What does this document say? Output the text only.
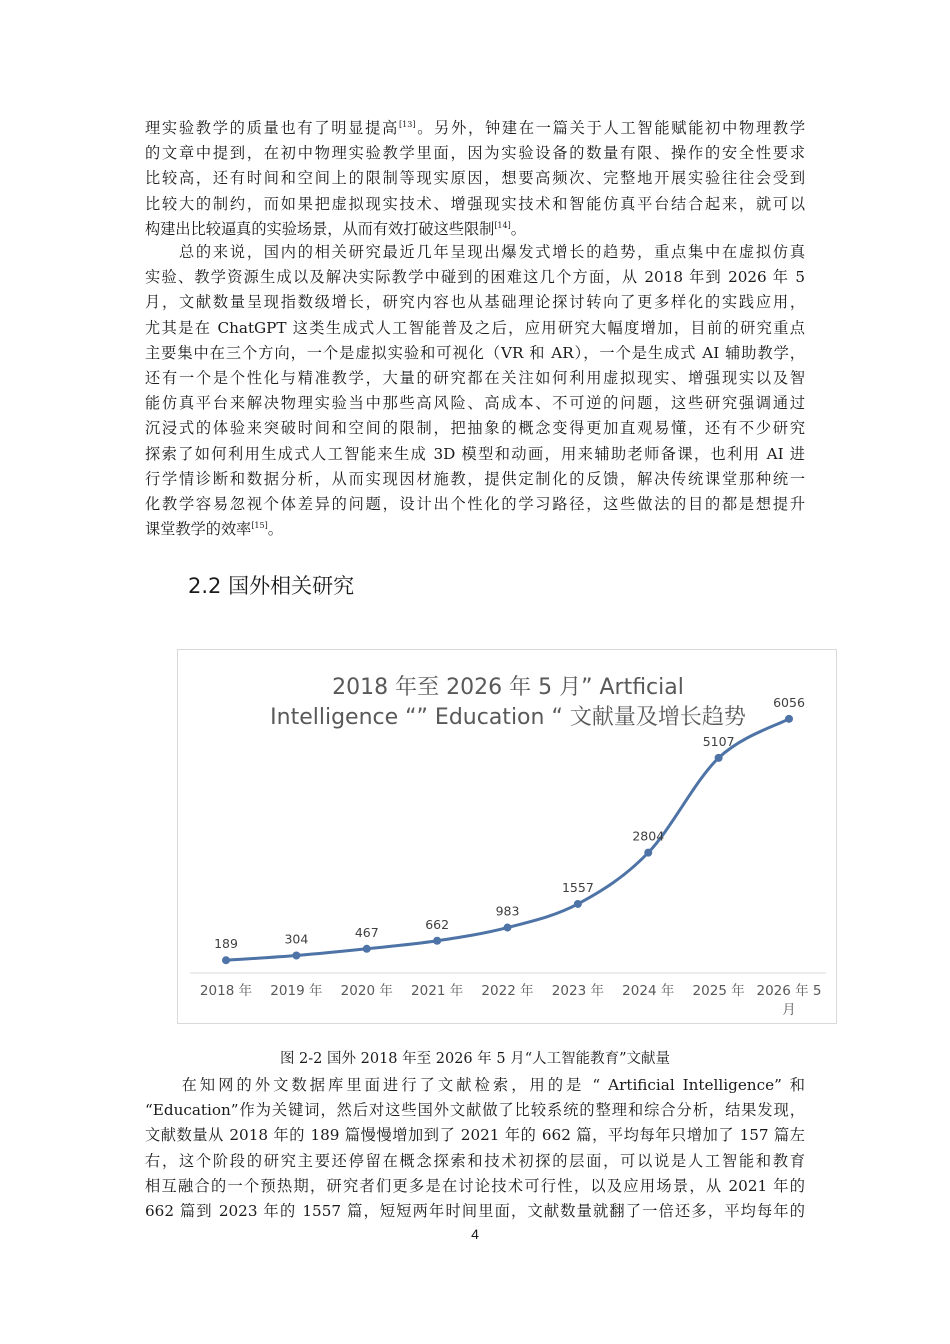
理实验教学的质量也有了明显提高[13]。另外，钟建在一篇关于人工智能赋能初中物理教学
的文章中提到，在初中物理实验教学里面，因为实验设备的数量有限、操作的安全性要求
比较高，还有时间和空间上的限制等现实原因，想要高频次、完整地开展实验往往会受到
比较大的制约，而如果把虚拟现实技术、增强现实技术和智能仿真平台结合起来，就可以
构建出比较逼真的实验场景，从而有效打破这些限制[14]。
　　总的来说，国内的相关研究最近几年呈现出爆发式增长的趋势，重点集中在虚拟仿真
实验、教学资源生成以及解决实际教学中碰到的困难这几个方面，从 2018 年到 2026 年 5
月，文献数量呈现指数级增长，研究内容也从基础理论探讨转向了更多样化的实践应用，
尤其是在 ChatGPT 这类生成式人工智能普及之后，应用研究大幅度增加，目前的研究重点
主要集中在三个方向，一个是虚拟实验和可视化（VR 和 AR），一个是生成式 AI 辅助教学，
还有一个是个性化与精准教学，大量的研究都在关注如何利用虚拟现实、增强现实以及智
能仿真平台来解决物理实验当中那些高风险、高成本、不可逆的问题，这些研究强调通过
沉浸式的体验来突破时间和空间的限制，把抽象的概念变得更加直观易懂，还有不少研究
探索了如何利用生成式人工智能来生成 3D 模型和动画，用来辅助老师备课，也利用 AI 进
行学情诊断和数据分析，从而实现因材施教，提供定制化的反馈，解决传统课堂那种统一
化教学容易忽视个体差异的问题，设计出个性化的学习路径，这些做法的目的都是想提升
课堂教学的效率[15]。
2.2 国外相关研究
2018 年至 2026 年 5 月” Artficial
Intelligence “” Education “ 文献量及增长趋势
189
2018 年
304
2019 年
467
2020 年
662
2021 年
983
2022 年
1557
2023 年
2804
2024 年
5107
2025 年
6056
2026 年 5
月

图 2-2 国外 2018 年至 2026 年 5 月“人工智能教育”文献量

　　在知网的外文数据库里面进行了文献检索，用的是 “ Artificial Intelligence” 和
“Education”作为关键词，然后对这些国外文献做了比较系统的整理和综合分析，结果发现，
文献数量从 2018 年的 189 篇慢慢增加到了 2021 年的 662 篇，平均每年只增加了 157 篇左
右，这个阶段的研究主要还停留在概念探索和技术初探的层面，可以说是人工智能和教育
相互融合的一个预热期，研究者们更多是在讨论技术可行性，以及应用场景，从 2021 年的
662 篇到 2023 年的 1557 篇，短短两年时间里面，文献数量就翻了一倍还多，平均每年的
4
